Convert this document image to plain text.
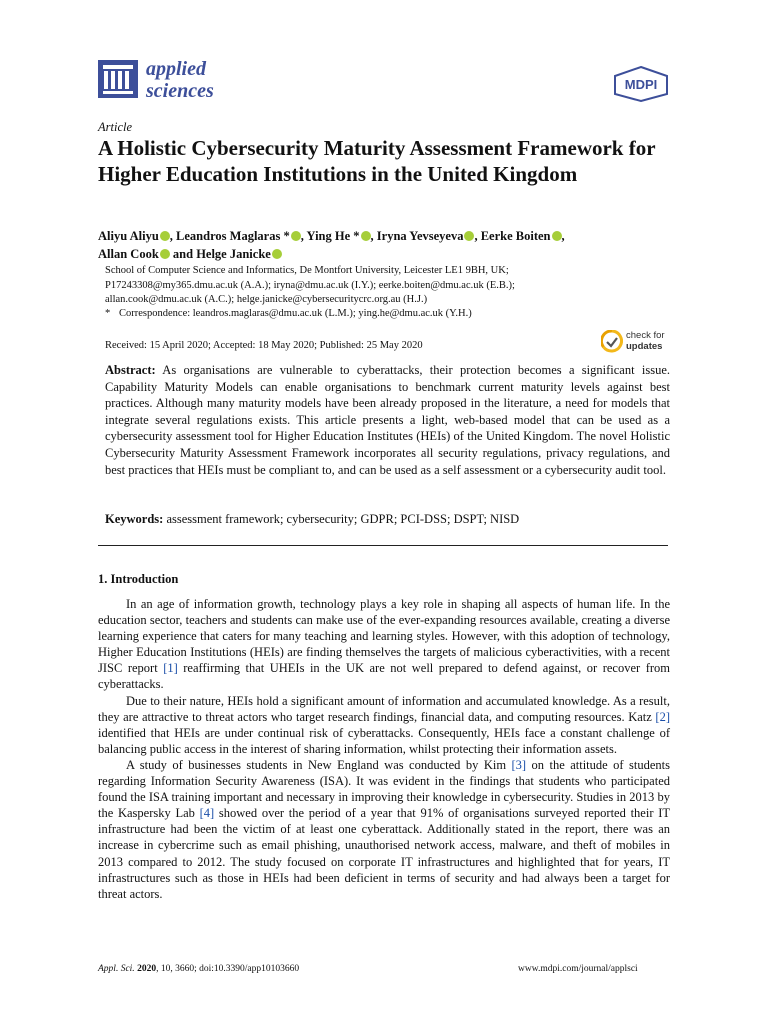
applied
sciences	MDPI
Article
A Holistic Cybersecurity Maturity Assessment Framework for Higher Education Institutions in the United Kingdom
Aliyu Aliyu , Leandros Maglaras * , Ying He * , Iryna Yevseyeva , Eerke Boiten ,
Allan Cook and Helge Janicke
School of Computer Science and Informatics, De Montfort University, Leicester LE1 9BH, UK;
P17243308@my365.dmu.ac.uk (A.A.); iryna@dmu.ac.uk (I.Y.); eerke.boiten@dmu.ac.uk (E.B.);
allan.cook@dmu.ac.uk (A.C.); helge.janicke@cybersecuritycrc.org.au (H.J.)
* Correspondence: leandros.maglaras@dmu.ac.uk (L.M.); ying.he@dmu.ac.uk (Y.H.)
Received: 15 April 2020; Accepted: 18 May 2020; Published: 25 May 2020
check for
updates
Abstract: As organisations are vulnerable to cyberattacks, their protection becomes a significant issue. Capability Maturity Models can enable organisations to benchmark current maturity levels against best practices. Although many maturity models have been already proposed in the literature, a need for models that integrate several regulations exists. This article presents a light, web-based model that can be used as a cybersecurity assessment tool for Higher Education Institutes (HEIs) of the United Kingdom. The novel Holistic Cybersecurity Maturity Assessment Framework incorporates all security regulations, privacy regulations, and best practices that HEIs must be compliant to, and can be used as a self assessment or a cybersecurity audit tool.
Keywords: assessment framework; cybersecurity; GDPR; PCI-DSS; DSPT; NISD
1. Introduction

In an age of information growth, technology plays a key role in shaping all aspects of human life. In the education sector, teachers and students can make use of the ever-expanding resources available, creating a diverse learning experience that caters for many teaching and learning styles. However, with this adoption of technology, Higher Education Institutions (HEIs) are finding themselves the targets of malicious cyberactivities, with a recent JISC report [1] reaffirming that UHEIs in the UK are not well prepared to defend against, or recover from cyberattacks.

Due to their nature, HEIs hold a significant amount of information and accumulated knowledge. As a result, they are attractive to threat actors who target research findings, financial data, and computing resources. Katz [2] identified that HEIs are under continual risk of cyberattacks. Consequently, HEIs face a constant challenge of balancing public access in the interest of sharing information, whilst protecting their information assets.

A study of businesses students in New England was conducted by Kim [3] on the attitude of students regarding Information Security Awareness (ISA). It was evident in the findings that students who participated found the ISA training important and necessary in improving their knowledge in cybersecurity. Studies in 2013 by the Kaspersky Lab [4] showed over the period of a year that 91% of organisations surveyed reported their IT infrastructure had been the victim of at least one cyberattack. Additionally stated in the report, there was an increase in cybercrime such as email phishing, unauthorised network access, malware, and theft of mobiles in 2013 compared to 2012. The study focused on corporate IT infrastructures and highlighted that for years, IT infrastructures such as those in HEIs had been deficient in terms of security and had always been a target for threat actors.

Appl. Sci. 2020, 10, 3660; doi:10.3390/app10103660	www.mdpi.com/journal/applsci
